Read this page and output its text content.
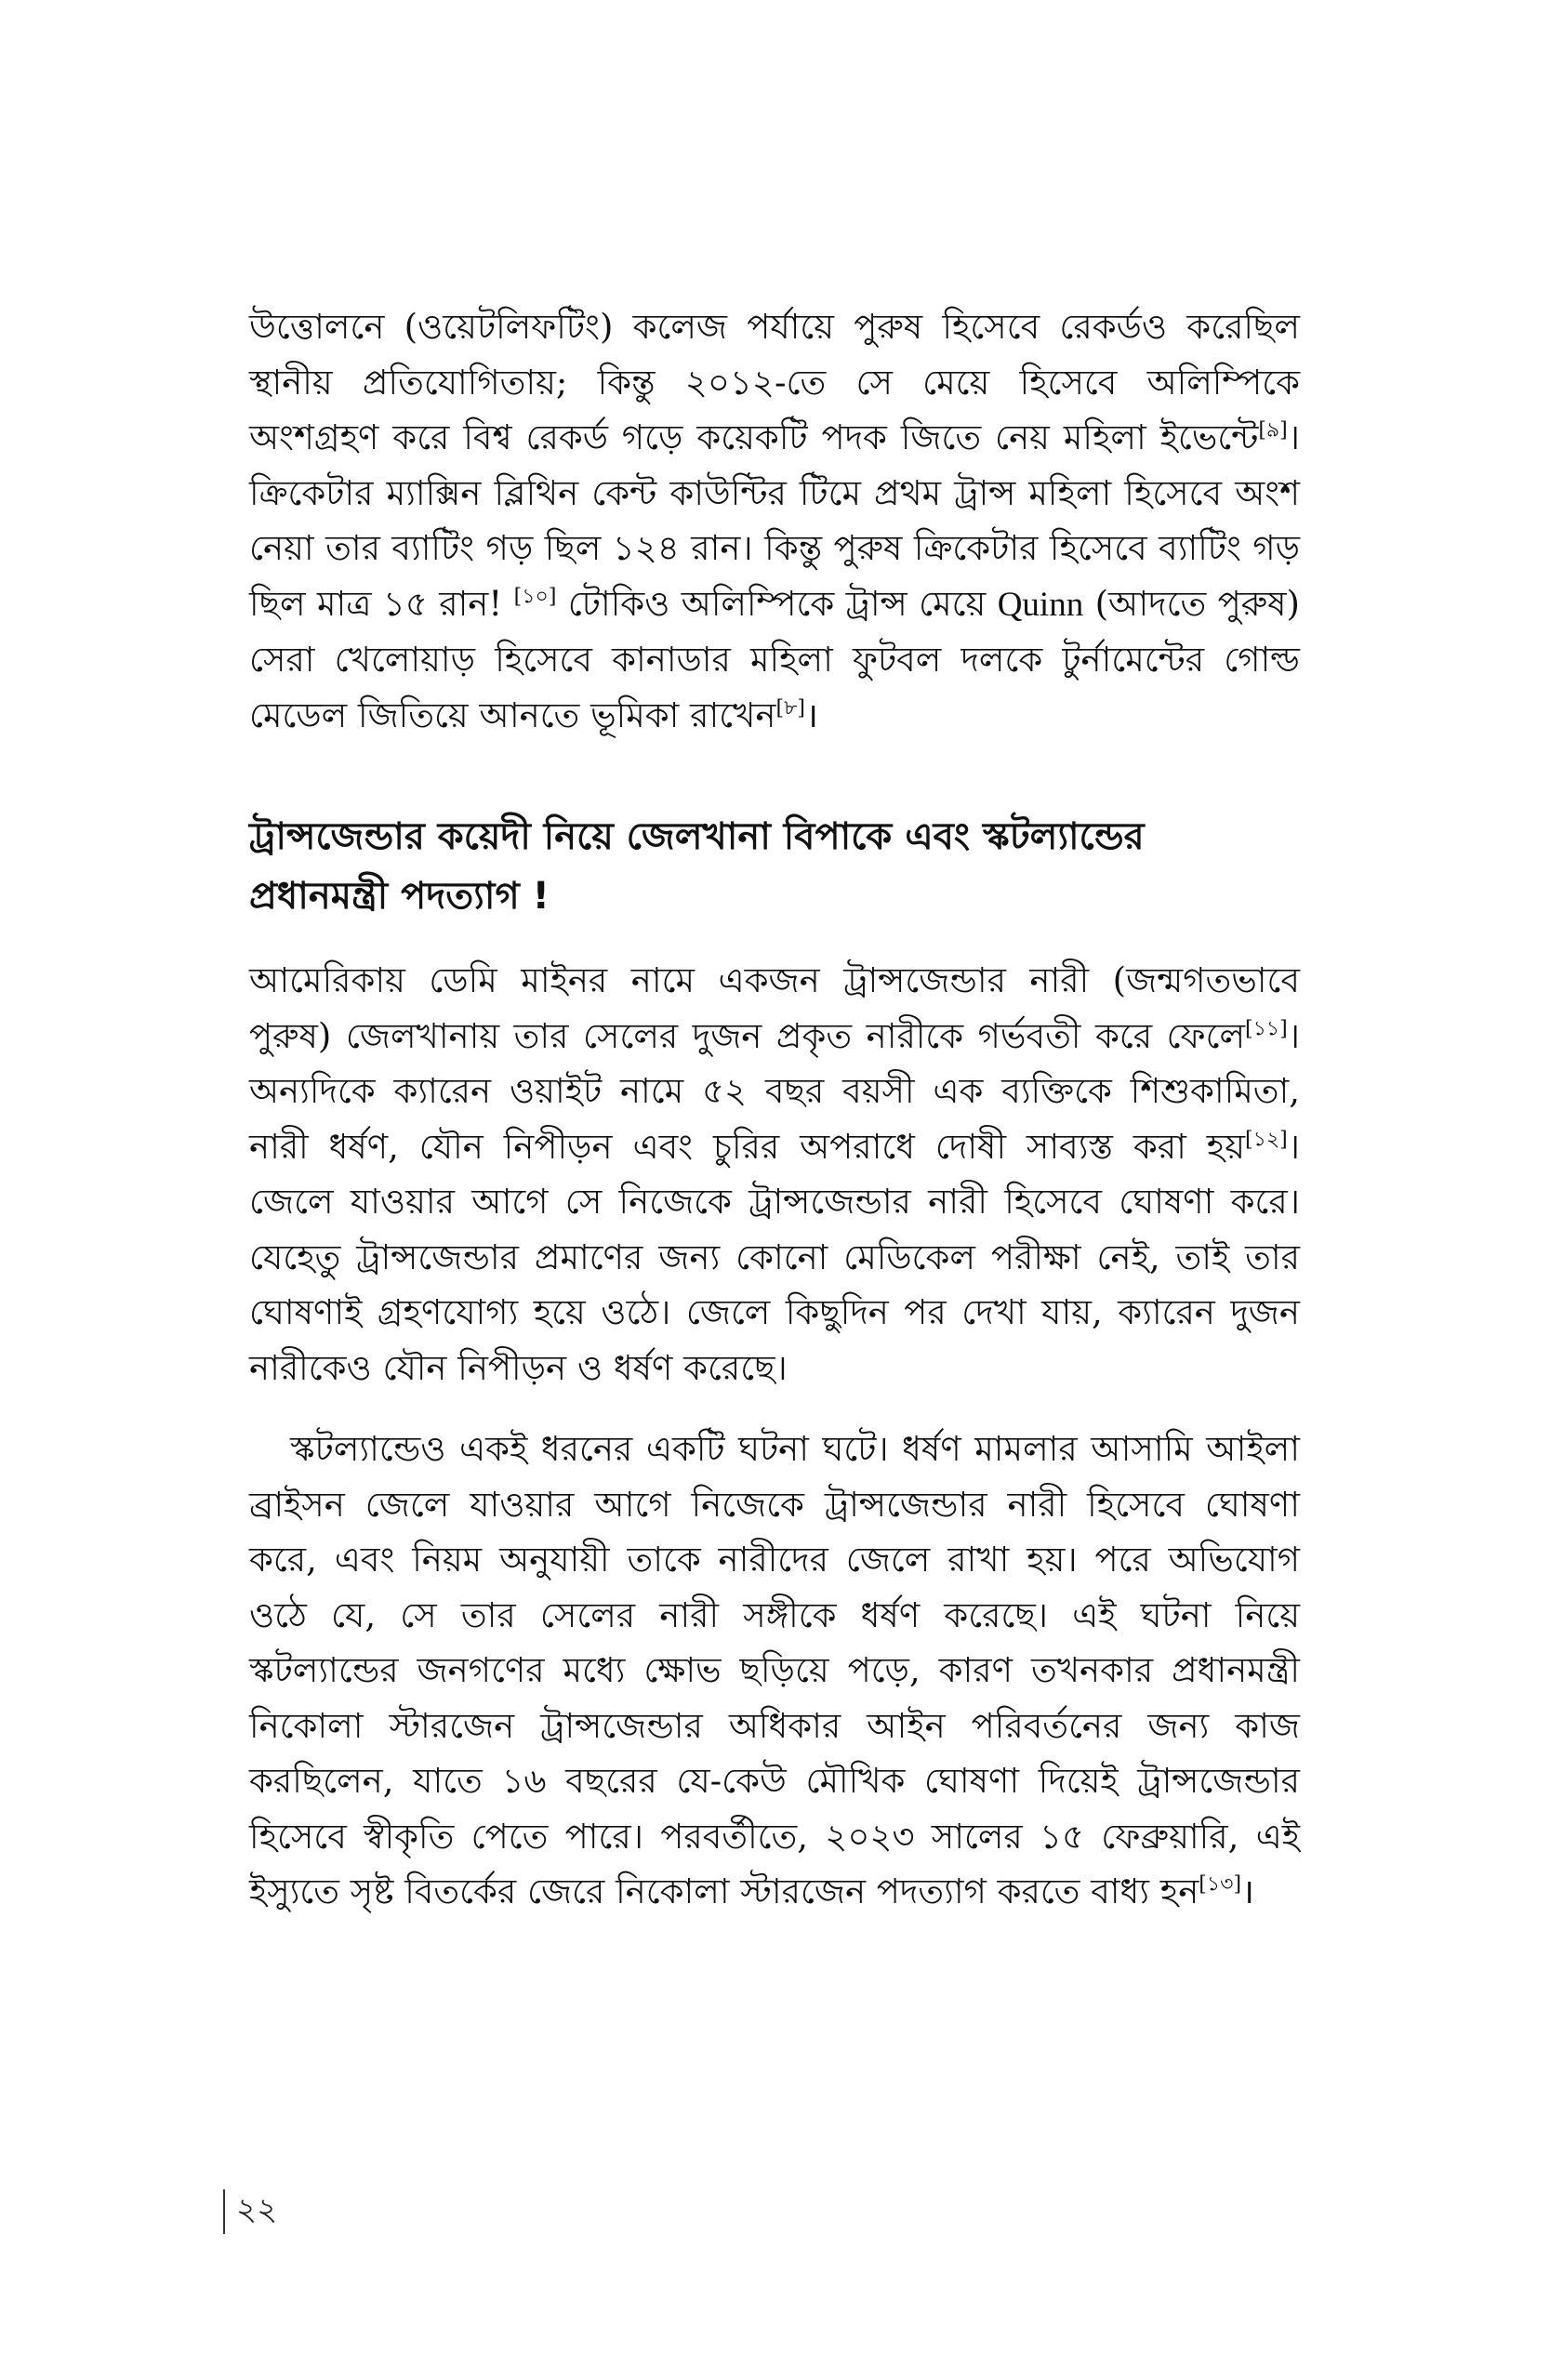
উত্তোলনে (ওয়েটলিফটিং) কলেজ পর্যায়ে পুরুষ হিসেবে রেকর্ডও করেছিল স্থানীয় প্রতিযোগিতায়; কিন্তু ২০১২-তে সে মেয়ে হিসেবে অলিম্পিকে অংশগ্রহণ করে বিশ্ব রেকর্ড গড়ে কয়েকটি পদক জিতে নেয় মহিলা ইভেন্টে[৯]। ক্রিকেটার ম্যাক্সিন ব্লিথিন কেন্ট কাউন্টির টিমে প্রথম ট্রান্স মহিলা হিসেবে অংশ নেয়া তার ব্যাটিং গড় ছিল ১২৪ রান। কিন্তু পুরুষ ক্রিকেটার হিসেবে ব্যাটিং গড় ছিল মাত্র ১৫ রান! [১০] টোকিও অলিম্পিকে ট্রান্স মেয়ে Quinn (আদতে পুরুষ) সেরা খেলোয়াড় হিসেবে কানাডার মহিলা ফুটবল দলকে টুর্নামেন্টের গোল্ড মেডেল জিতিয়ে আনতে ভূমিকা রাখেন[৮]।

ট্রান্সজেন্ডার কয়েদী নিয়ে জেলখানা বিপাকে এবং স্কটল্যান্ডের
প্রধানমন্ত্রী পদত্যাগ !

আমেরিকায় ডেমি মাইনর নামে একজন ট্রান্সজেন্ডার নারী (জন্মগতভাবে পুরুষ) জেলখানায় তার সেলের দুজন প্রকৃত নারীকে গর্ভবতী করে ফেলে[১১]। অন্যদিকে ক্যারেন ওয়াইট নামে ৫২ বছর বয়সী এক ব্যক্তিকে শিশুকামিতা, নারী ধর্ষণ, যৌন নিপীড়ন এবং চুরির অপরাধে দোষী সাব্যস্ত করা হয়[১২]। জেলে যাওয়ার আগে সে নিজেকে ট্রান্সজেন্ডার নারী হিসেবে ঘোষণা করে। যেহেতু ট্রান্সজেন্ডার প্রমাণের জন্য কোনো মেডিকেল পরীক্ষা নেই, তাই তার ঘোষণাই গ্রহণযোগ্য হয়ে ওঠে। জেলে কিছুদিন পর দেখা যায়, ক্যারেন দুজন নারীকেও যৌন নিপীড়ন ও ধর্ষণ করেছে।

স্কটল্যান্ডেও একই ধরনের একটি ঘটনা ঘটে। ধর্ষণ মামলার আসামি আইলা ব্রাইসন জেলে যাওয়ার আগে নিজেকে ট্রান্সজেন্ডার নারী হিসেবে ঘোষণা করে, এবং নিয়ম অনুযায়ী তাকে নারীদের জেলে রাখা হয়। পরে অভিযোগ ওঠে যে, সে তার সেলের নারী সঙ্গীকে ধর্ষণ করেছে। এই ঘটনা নিয়ে স্কটল্যান্ডের জনগণের মধ্যে ক্ষোভ ছড়িয়ে পড়ে, কারণ তখনকার প্রধানমন্ত্রী নিকোলা স্টারজেন ট্রান্সজেন্ডার অধিকার আইন পরিবর্তনের জন্য কাজ করছিলেন, যাতে ১৬ বছরের যে-কেউ মৌখিক ঘোষণা দিয়েই ট্রান্সজেন্ডার হিসেবে স্বীকৃতি পেতে পারে। পরবর্তীতে, ২০২৩ সালের ১৫ ফেব্রুয়ারি, এই ইস্যুতে সৃষ্ট বিতর্কের জেরে নিকোলা স্টারজেন পদত্যাগ করতে বাধ্য হন[১৩]।

২২
